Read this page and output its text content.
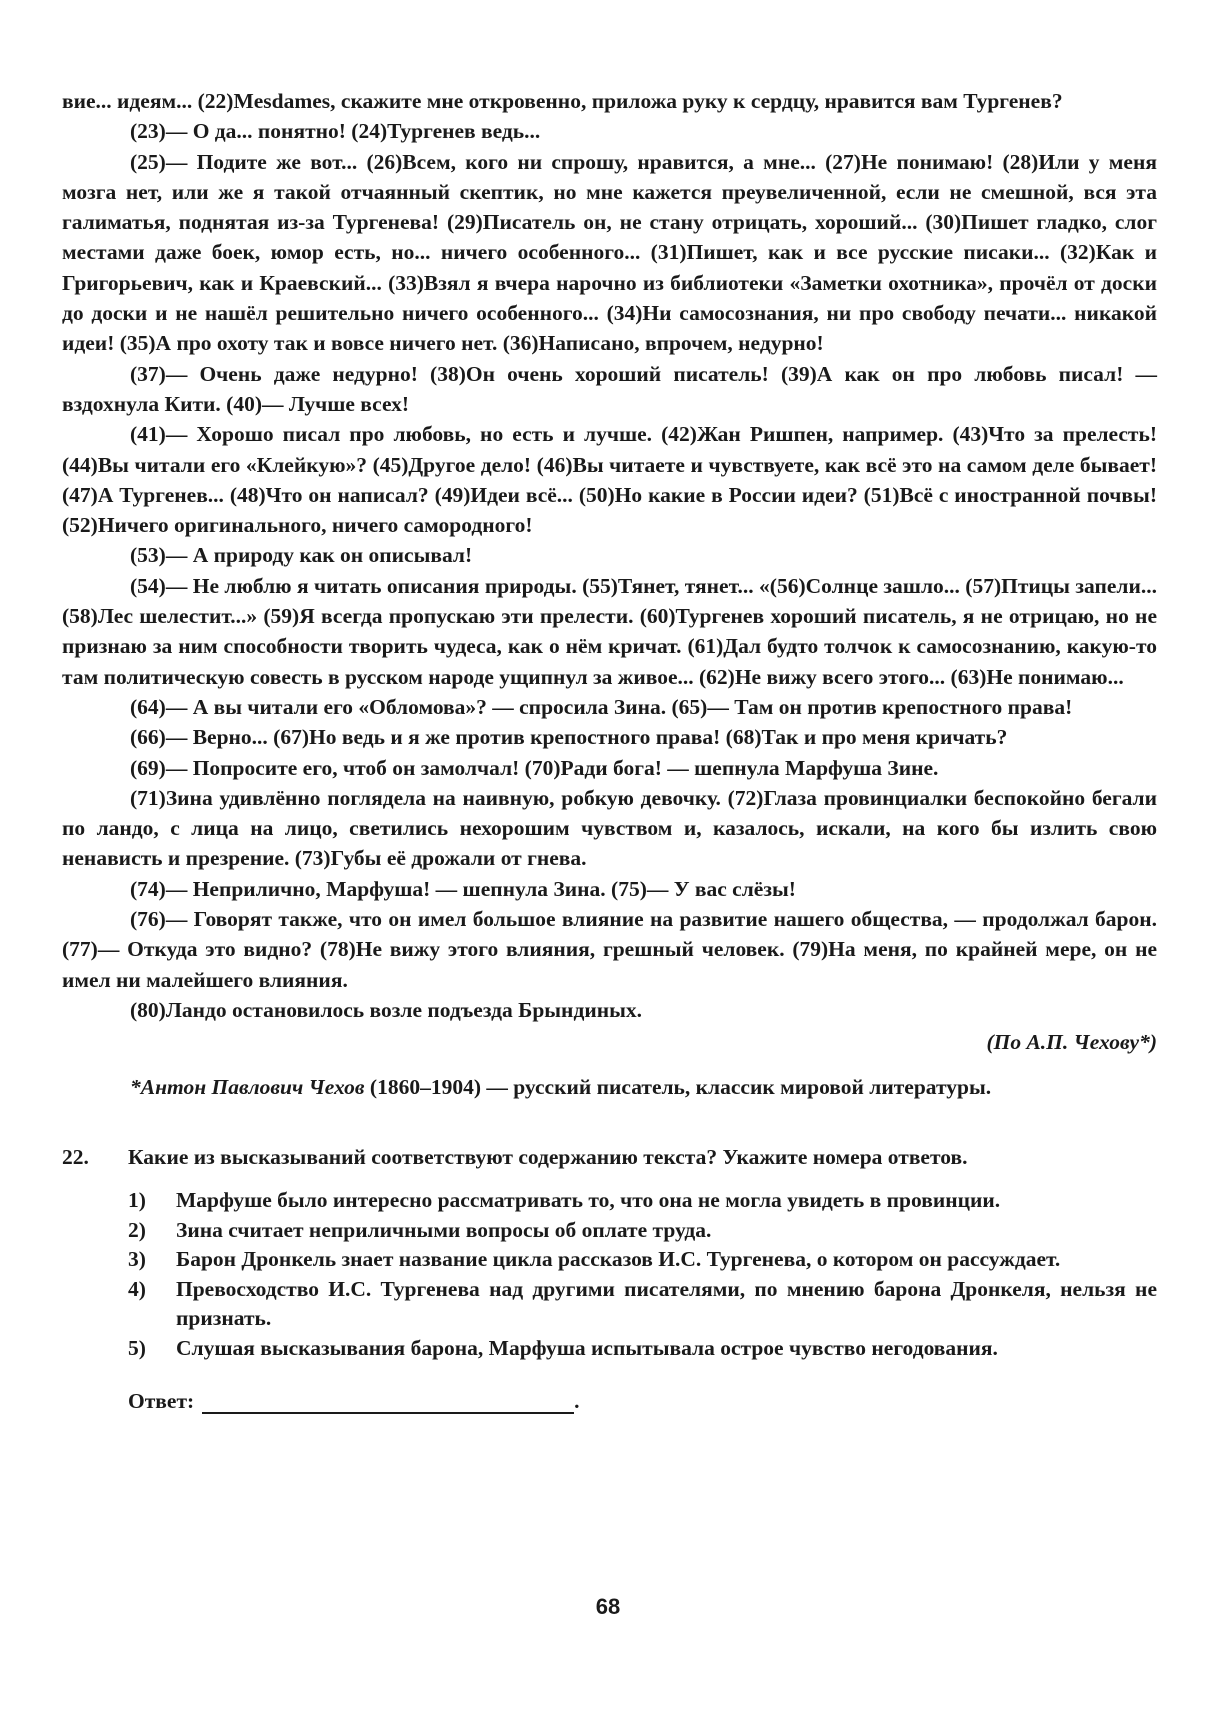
вие... идеям... (22)Mesdames, скажите мне откровенно, приложа руку к сердцу, нравится вам Тургенев?

(23)— О да... понятно! (24)Тургенев ведь...

(25)— Подите же вот... (26)Всем, кого ни спрошу, нравится, а мне... (27)Не понимаю! (28)Или у меня мозга нет, или же я такой отчаянный скептик, но мне кажется преувеличенной, если не смешной, вся эта галиматья, поднятая из-за Тургенева! (29)Писатель он, не стану отрицать, хороший... (30)Пишет гладко, слог местами даже боек, юмор есть, но... ничего особенного... (31)Пишет, как и все русские писаки... (32)Как и Григорьевич, как и Краевский... (33)Взял я вчера нарочно из библиотеки «Заметки охотника», прочёл от доски до доски и не нашёл решительно ничего особенного... (34)Ни самосознания, ни про свободу печати... никакой идеи! (35)А про охоту так и вовсе ничего нет. (36)Написано, впрочем, недурно!

(37)— Очень даже недурно! (38)Он очень хороший писатель! (39)А как он про любовь писал! — вздохнула Кити. (40)— Лучше всех!

(41)— Хорошо писал про любовь, но есть и лучше. (42)Жан Ришпен, например. (43)Что за прелесть! (44)Вы читали его «Клейкую»? (45)Другое дело! (46)Вы читаете и чувствуете, как всё это на самом деле бывает! (47)А Тургенев... (48)Что он написал? (49)Идеи всё... (50)Но какие в России идеи? (51)Всё с иностранной почвы! (52)Ничего оригинального, ничего самородного!

(53)— А природу как он описывал!

(54)— Не люблю я читать описания природы. (55)Тянет, тянет... «(56)Солнце зашло... (57)Птицы запели... (58)Лес шелестит...» (59)Я всегда пропускаю эти прелести. (60)Тургенев хороший писатель, я не отрицаю, но не признаю за ним способности творить чудеса, как о нём кричат. (61)Дал будто толчок к самосознанию, какую-то там политическую совесть в русском народе ущипнул за живое... (62)Не вижу всего этого... (63)Не понимаю...

(64)— А вы читали его «Обломова»? — спросила Зина. (65)— Там он против крепостного права!

(66)— Верно... (67)Но ведь и я же против крепостного права! (68)Так и про меня кричать?

(69)— Попросите его, чтоб он замолчал! (70)Ради бога! — шепнула Марфуша Зине.

(71)Зина удивлённо поглядела на наивную, робкую девочку. (72)Глаза провинциалки беспокойно бегали по ландо, с лица на лицо, светились нехорошим чувством и, казалось, искали, на кого бы излить свою ненависть и презрение. (73)Губы её дрожали от гнева.

(74)— Неприлично, Марфуша! — шепнула Зина. (75)— У вас слёзы!

(76)— Говорят также, что он имел большое влияние на развитие нашего общества, — продолжал барон. (77)— Откуда это видно? (78)Не вижу этого влияния, грешный человек. (79)На меня, по крайней мере, он не имел ни малейшего влияния.

(80)Ландо остановилось возле подъезда Брындиных.

(По А.П. Чехову*)

*Антон Павлович Чехов (1860–1904) — русский писатель, классик мировой литературы.

22.	Какие из высказываний соответствуют содержанию текста? Укажите номера ответов.
1)	Марфуше было интересно рассматривать то, что она не могла увидеть в провинции.
2)	Зина считает неприличными вопросы об оплате труда.
3)	Барон Дронкель знает название цикла рассказов И.С. Тургенева, о котором он рассуждает.
4)	Превосходство И.С. Тургенева над другими писателями, по мнению барона Дронкеля, нельзя не признать.
5)	Слушая высказывания барона, Марфуша испытывала острое чувство негодования.
Ответ:	.
68
